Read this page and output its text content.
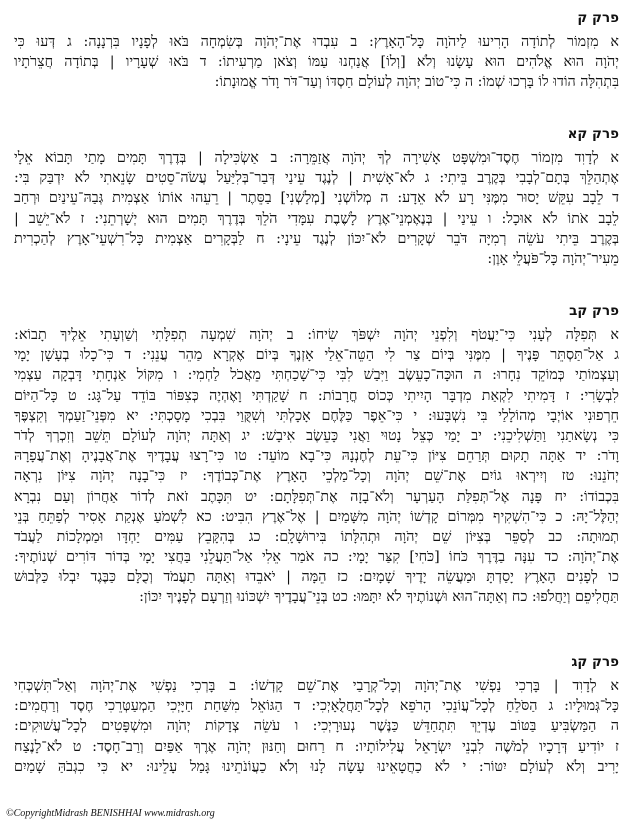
פרק ק
א מִזְמוֹר לְתוֹדָה הָרִיעוּ לַיהֹוָה כָּל־הָאָרֶץ: ב עִבְדוּ אֶת־יְהֹוָה בְּשִׂמְחָה בֹּאוּ לְפָנָיו בִּרְנָנָה: ג דְּעוּ כִּי
יְהֹוָה הוּא אֱלֹהִים הוּא עָשָׂנוּ וְלֹא [וְלוֹ] אֲנַחְנוּ עַמּוֹ וְצֹאן מַרְעִיתוֹ: ד בֹּאוּ שְׁעָרָיו | בְּתוֹדָה חֲצֵרֹתָיו
בִּתְהִלָּה הוֹדוּ לוֹ בָּרְכוּ שְׁמוֹ: ה כִּי־טוֹב יְהֹוָה לְעוֹלָם חַסְדּוֹ וְעַד־דֹּר וָדֹר אֱמוּנָתוֹ:
פרק קא
א לְדָוִד מִזְמוֹר חֶסֶד־וּמִשְׁפָּט אָשִׁירָה לְךָ יְהֹוָה אֲזַמֵּרָה: ב אַשְׂכִּילָה | בְּדֶרֶךְ תָּמִים מָתַי תָּבוֹא אֵלָי
אֶתְהַלֵּךְ בְּתָם־לְבָבִי בְּקֶרֶב בֵּיתִי: ג לֹא־אָשִׁית | לְנֶגֶד עֵינַי דְּבַר־בְּלִיַּעַל עֲשֹׂה־סֵטִים שָׂנֵאתִי לֹא יִדְבַּק בִּי:
ד לֵבָב עִקֵּשׁ יָסוּר מִמֶּנִּי רָע לֹא אֵדָע: ה מְלוֹשְׁנִי [מְלָשְׁנִי] בַסֵּתֶר | רֵעֵהוּ אוֹתוֹ אַצְמִית גְּבַהּ־עֵינַיִם וּרְחַב
לֵבָב אֹתוֹ לֹא אוּכָל: ו עֵינַי | בְּנֶאֶמְנֵי־אֶרֶץ לָשֶׁבֶת עִמָּדִי הֹלֵךְ בְּדֶרֶךְ תָּמִים הוּא יְשָׁרְתֵנִי: ז לֹא־יֵשֵׁב |
בְּקֶרֶב בֵּיתִי עֹשֵׂה רְמִיָּה דֹּבֵר שְׁקָרִים לֹא־יִכּוֹן לְנֶגֶד עֵינָי: ח לַבְּקָרִים אַצְמִית כָּל־רִשְׁעֵי־אָרֶץ לְהַכְרִית
מֵעִיר־יְהֹוָה כָּל־פֹּעֲלֵי אָוֶן:
פרק קב
א תְּפִלָּה לְעָנִי כִּי־יַעֲטֹף וְלִפְנֵי יְהֹוָה יִשְׁפֹּךְ שִׂיחוֹ: ב יְהֹוָה שִׁמְעָה תְפִלָּתִי וְשַׁוְעָתִי אֵלֶיךָ תָבוֹא:
ג אַל־תַּסְתֵּר פָּנֶיךָ | מִמֶּנִּי בְּיוֹם צַר לִי הַטֵּה־אֵלַי אָזְנֶךָ בְּיוֹם אֶקְרָא מַהֵר עֲנֵנִי: ד כִּי־כָלוּ בְעָשָׁן יָמָי
וְעַצְמוֹתַי כְּמוֹקֵד נִחָרוּ: ה הוּכָּה־כָעֵשֶׂב וַיִּבַשׁ לִבִּי כִּי־שָׁכַחְתִּי מֵאֲכֹל לַחְמִי: ו מִקּוֹל אַנְחָתִי דָּבְקָה עַצְמִי
לִבְשָׂרִי: ז דָּמִיתִי לִקְאַת מִדְבָּר הָיִיתִי כְּכוֹס חֳרָבוֹת: ח שָׁקַדְתִּי וָאֶהְיֶה כְּצִפּוֹר בּוֹדֵד עַל־גָּג: ט כָּל־הַיּוֹם
חֵרְפוּנִי אוֹיְבָי מְהוֹלָלַי בִּי נִשְׁבָּעוּ: י כִּי־אֵפֶר כַּלֶּחֶם אָכָלְתִּי וְשִׁקֻּוַי בִּבְכִי מָסָכְתִּי: יא מִפְּנֵי־זַעַמְךָ וְקִצְפֶּךָ
כִּי נְשָׂאתַנִי וַתַּשְׁלִיכֵנִי: יב יָמַי כְּצֵל נָטוּי וַאֲנִי כָּעֵשֶׂב אִיבָשׁ: יג וְאַתָּה יְהֹוָה לְעוֹלָם תֵּשֵׁב וְזִכְרְךָ לְדֹר
וָדֹר: יד אַתָּה תָקוּם תְּרַחֵם צִיּוֹן כִּי־עֵת לְחֶנְנָהּ כִּי־בָא מוֹעֵד: טו כִּי־רָצוּ עֲבָדֶיךָ אֶת־אֲבָנֶיהָ וְאֶת־עֲפָרָהּ
יְחֹנֵנוּ: טז וְיִירְאוּ גוֹיִם אֶת־שֵׁם יְהֹוָה וְכָל־מַלְכֵי הָאָרֶץ אֶת־כְּבוֹדֶךָ: יז כִּי־בָנָה יְהֹוָה צִיּוֹן נִרְאָה
בִּכְבוֹדוֹ: יח פָּנָה אֶל־תְּפִלַּת הָעַרְעָר וְלֹא־בָזָה אֶת־תְּפִלָּתָם: יט תִּכָּתֶב זֹאת לְדוֹר אַחֲרוֹן וְעַם נִבְרָא
יְהַלֶּל־יָהּ: כ כִּי־הִשְׁקִיף מִמְּרוֹם קָדְשׁוֹ יְהֹוָה מִשָּׁמַיִם | אֶל־אֶרֶץ הִבִּיט: כא לִשְׁמֹעַ אֶנְקַת אָסִיר לְפַתֵּחַ בְּנֵי
תְמוּתָה: כב לְסַפֵּר בְּצִיּוֹן שֵׁם יְהֹוָה וּתְהִלָּתוֹ בִּירוּשָׁלָ‍ִם: כג בְּהִקָּבֵץ עַמִּים יַחְדָּו וּמַמְלָכוֹת לַעֲבֹד
אֶת־יְהֹוָה: כד עִנָּה בַדֶּרֶךְ כֹּחוֹ [כֹּחִי] קִצַּר יָמָי: כה אֹמַר אֵלִי אַל־תַּעֲלֵנִי בַּחֲצִי יָמָי בְּדוֹר דּוֹרִים שְׁנוֹתֶיךָ:
כו לְפָנִים הָאָרֶץ יָסַדְתָּ וּמַעֲשֵׂה יָדֶיךָ שָׁמָיִם: כז הֵמָּה | יֹאבֵדוּ וְאַתָּה תַעֲמֹד וְכֻלָּם כַּבֶּגֶד יִבְלוּ כַּלְּבוּשׁ
תַּחֲלִיפֵם וְיַחֲלֹפוּ: כח וְאַתָּה־הוּא וּשְׁנוֹתֶיךָ לֹא יִתָּמּוּ: כט בְּנֵי־עֲבָדֶיךָ יִשְׁכּוֹנוּ וְזַרְעָם לְפָנֶיךָ יִכּוֹן:
פרק קג
א לְדָוִד | בָּרְכִי נַפְשִׁי אֶת־יְהֹוָה וְכָל־קְרָבַי אֶת־שֵׁם קָדְשׁוֹ: ב בָּרְכִי נַפְשִׁי אֶת־יְהֹוָה וְאַל־תִּשְׁכְּחִי
כָּל־גְּמוּלָיו: ג הַסֹּלֵחַ לְכָל־עֲוֹנֵכִי הָרֹפֵא לְכָל־תַּחֲלֻאָיְכִי: ד הַגּוֹאֵל מִשַּׁחַת חַיָּיְכִי הַמְעַטְּרֵכִי חֶסֶד וְרַחֲמִים:
ה הַמַּשְׂבִּיעַ בַּטּוֹב עֶדְיֵךְ תִּתְחַדֵּשׁ כַּנֶּשֶׁר נְעוּרָיְכִי: ו עֹשֵׂה צְדָקוֹת יְהֹוָה וּמִשְׁפָּטִים לְכָל־עֲשׁוּקִים:
ז יוֹדִיעַ דְּרָכָיו לְמֹשֶׁה לִבְנֵי יִשְׂרָאֵל עֲלִילוֹתָיו: ח רַחוּם וְחַנּוּן יְהֹוָה אֶרֶךְ אַפַּיִם וְרַב־חָסֶד: ט לֹא־לָנֶצַח
יָרִיב וְלֹא לְעוֹלָם יִטּוֹר: י לֹא כַחֲטָאֵינוּ עָשָׂה לָנוּ וְלֹא כַעֲוֹנֹתֵינוּ גָּמַל עָלֵינוּ: יא כִּי כִגְבֹהַּ שָׁמַיִם
©CopyrightMidrash BENISHHAI www.midrash.org
